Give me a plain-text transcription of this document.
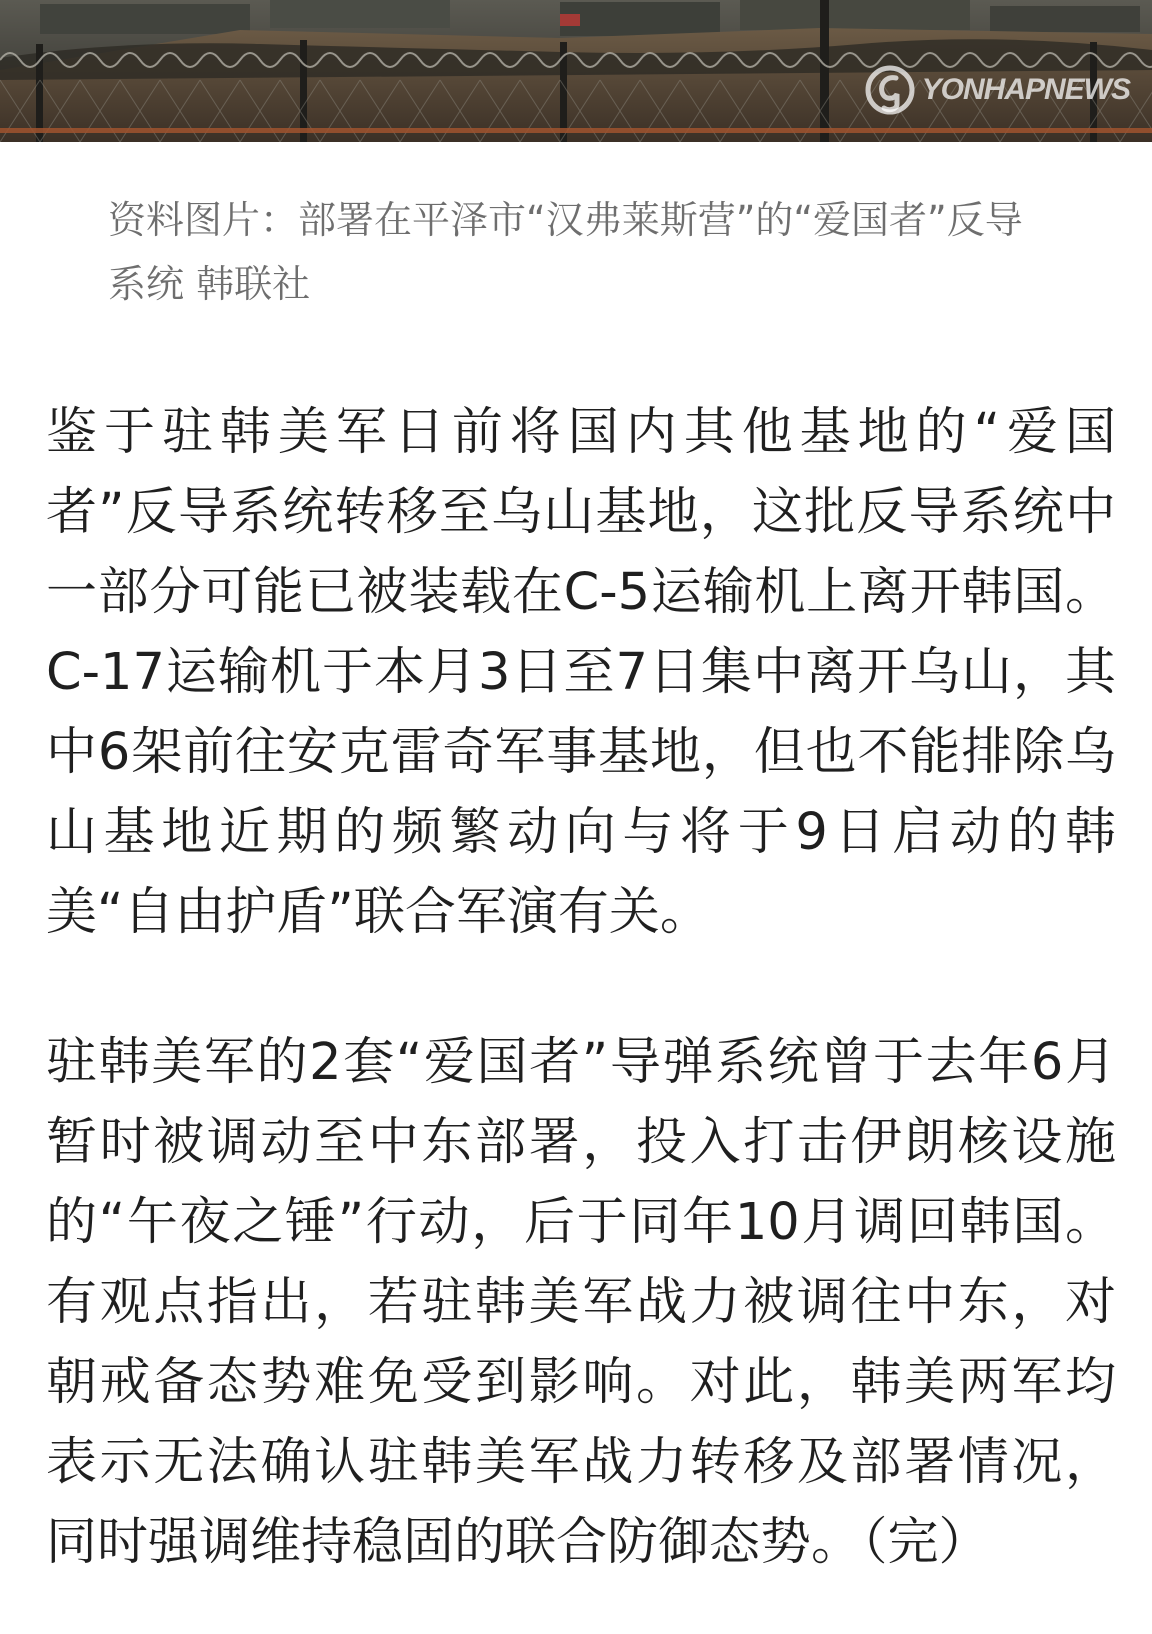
YONHAPNEWS

资料图片：部署在平泽市“汉弗莱斯营”的“爱国者”反导系统 韩联社

鉴于驻韩美军日前将国内其他基地的“爱国者”反导系统转移至乌山基地，这批反导系统中一部分可能已被装载在C-5运输机上离开韩国。C-17运输机于本月3日至7日集中离开乌山，其中6架前往安克雷奇军事基地，但也不能排除乌山基地近期的频繁动向与将于9日启动的韩美“自由护盾”联合军演有关。

驻韩美军的2套“爱国者”导弹系统曾于去年6月暂时被调动至中东部署，投入打击伊朗核设施的“午夜之锤”行动，后于同年10月调回韩国。有观点指出，若驻韩美军战力被调往中东，对朝戒备态势难免受到影响。对此，韩美两军均表示无法确认驻韩美军战力转移及部署情况，同时强调维持稳固的联合防御态势。（完）
